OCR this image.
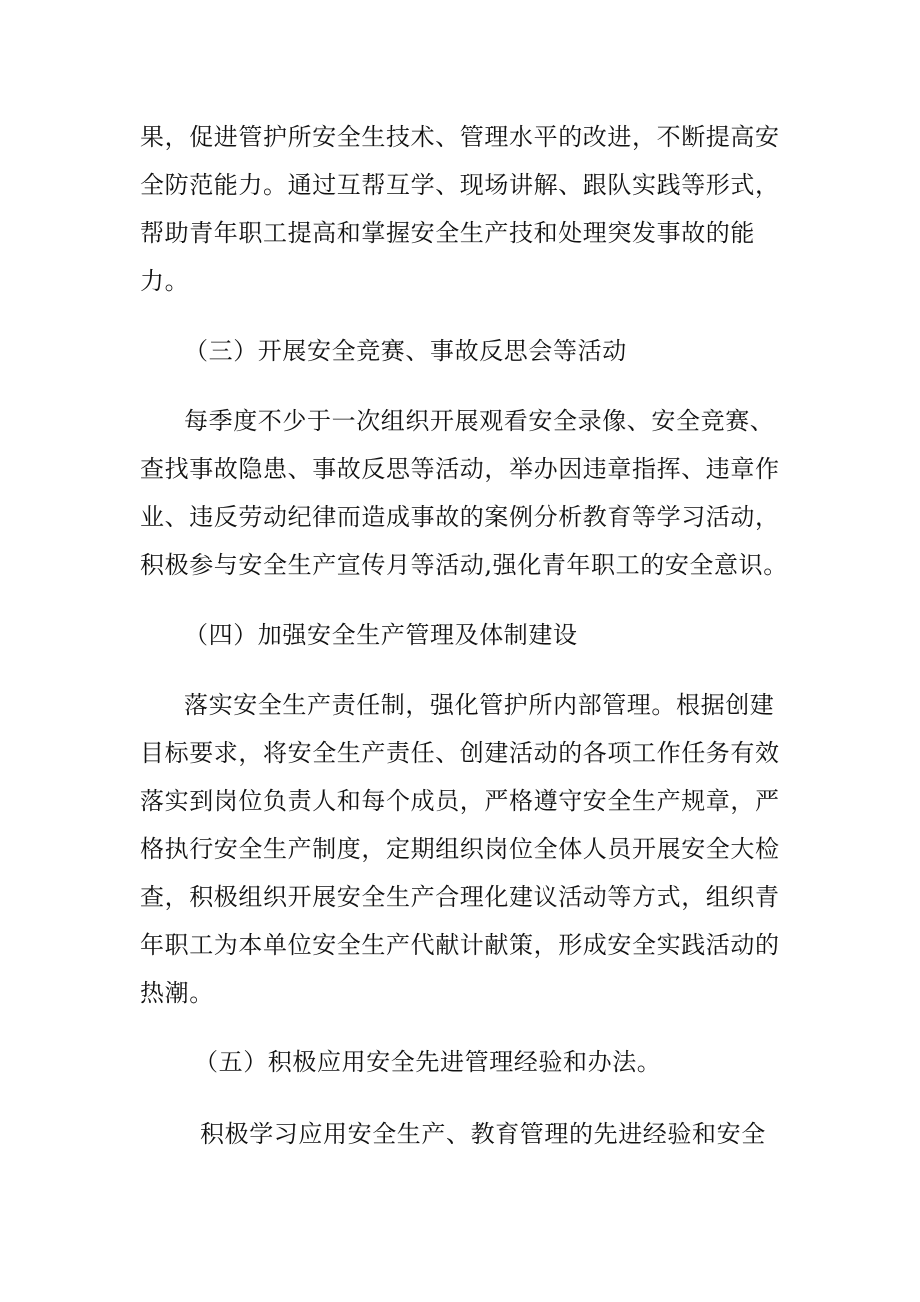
果，促进管护所安全生技术、管理水平的改进，不断提高安
全防范能力。通过互帮互学、现场讲解、跟队实践等形式，
帮助青年职工提高和掌握安全生产技和处理突发事故的能
力。
（三）开展安全竞赛、事故反思会等活动
每季度不少于一次组织开展观看安全录像、安全竞赛、
查找事故隐患、事故反思等活动，举办因违章指挥、违章作
业、违反劳动纪律而造成事故的案例分析教育等学习活动，
积极参与安全生产宣传月等活动,强化青年职工的安全意识。
（四）加强安全生产管理及体制建设
落实安全生产责任制，强化管护所内部管理。根据创建
目标要求，将安全生产责任、创建活动的各项工作任务有效
落实到岗位负责人和每个成员，严格遵守安全生产规章，严
格执行安全生产制度，定期组织岗位全体人员开展安全大检
查，积极组织开展安全生产合理化建议活动等方式，组织青
年职工为本单位安全生产代献计献策，形成安全实践活动的
热潮。
（五）积极应用安全先进管理经验和办法。
积极学习应用安全生产、教育管理的先进经验和安全
